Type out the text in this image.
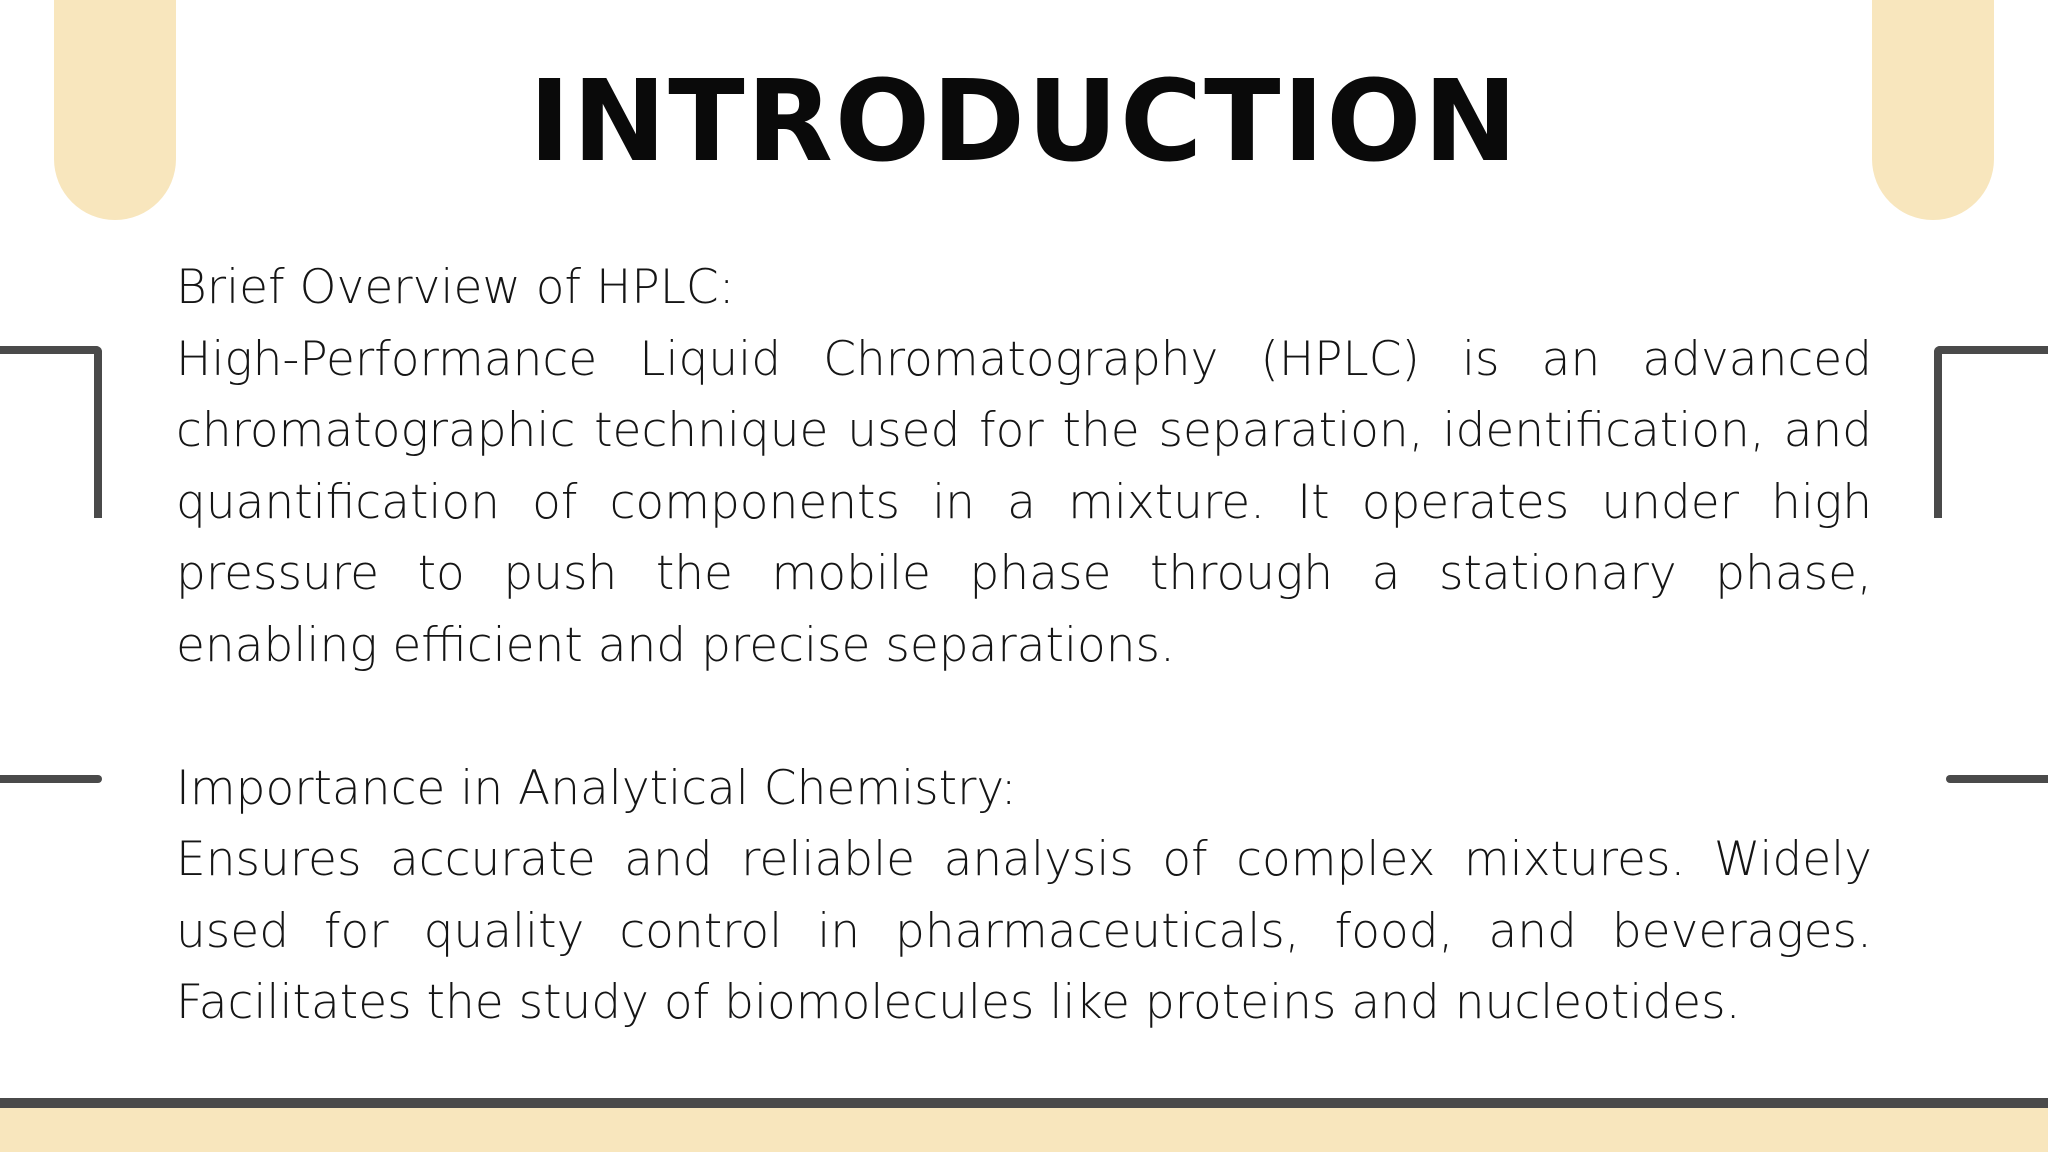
INTRODUCTION

Brief Overview of HPLC:

High-Performance Liquid Chromatography (HPLC) is an advanced chromatographic technique used for the separation, identification, and quantification of components in a mixture. It operates under high pressure to push the mobile phase through a stationary phase, enabling efficient and precise separations.

Importance in Analytical Chemistry:

Ensures accurate and reliable analysis of complex mixtures. Widely used for quality control in pharmaceuticals, food, and beverages. Facilitates the study of biomolecules like proteins and nucleotides.
